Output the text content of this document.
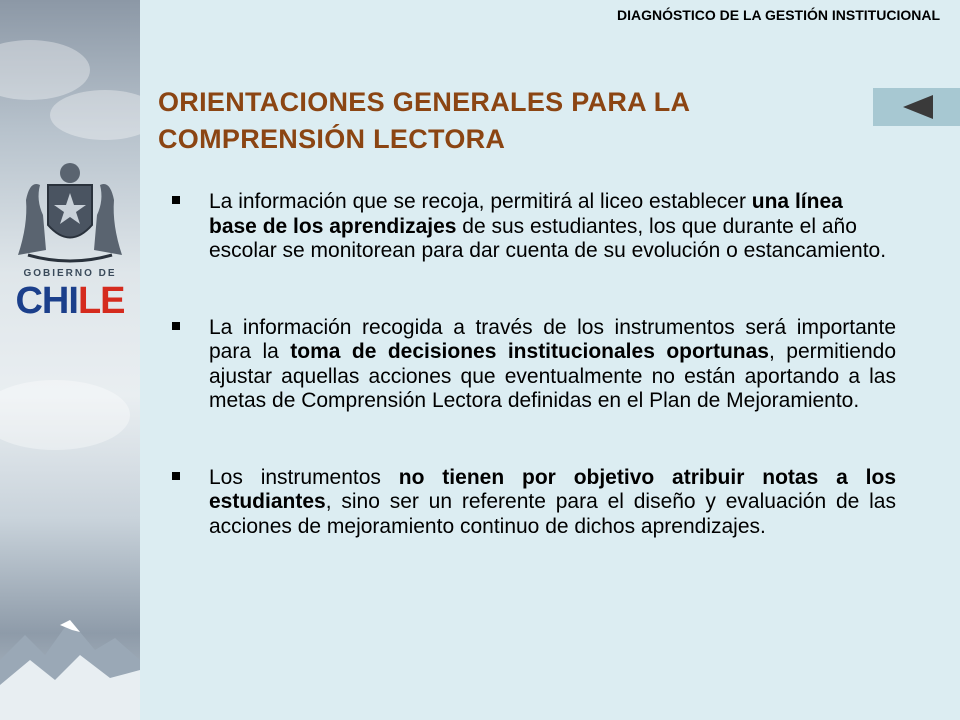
GOBIERNO DE
CHILE
DIAGNÓSTICO DE LA GESTIÓN INSTITUCIONAL
ORIENTACIONES GENERALES PARA LA
COMPRENSIÓN LECTORA
La información que se recoja, permitirá al liceo establecer una línea base de los aprendizajes de sus estudiantes, los que durante el año escolar se monitorean para dar cuenta de su evolución o estancamiento.
La información recogida a través de los instrumentos será importante para la toma de decisiones institucionales oportunas, permitiendo ajustar aquellas acciones que eventualmente no están aportando a las metas de Comprensión Lectora definidas en el Plan de Mejoramiento.
Los instrumentos no tienen por objetivo atribuir notas a los estudiantes, sino ser un referente para el diseño y evaluación de las acciones de mejoramiento continuo de dichos aprendizajes.
